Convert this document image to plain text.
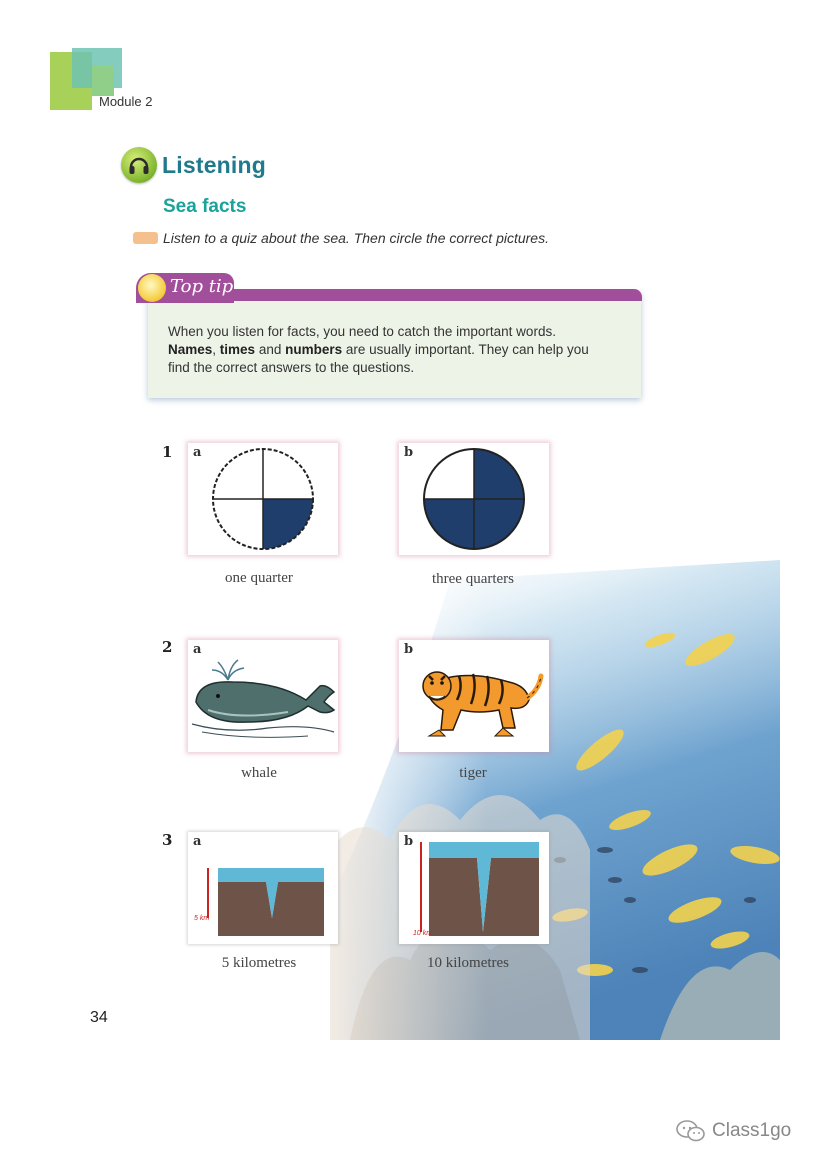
Module 2
Listening
Sea facts
Listen to a quiz about the sea. Then circle the correct pictures.
Top tip
When you listen for facts, you need to catch the important words.
Names, times and numbers are usually important. They can help you
find the correct answers to the questions.
1 a	b
one quarter	three quarters
2 a	b
whale	tiger
3 a
5 km
b
10 km
5 kilometres	10 kilometres
34
Class1go
